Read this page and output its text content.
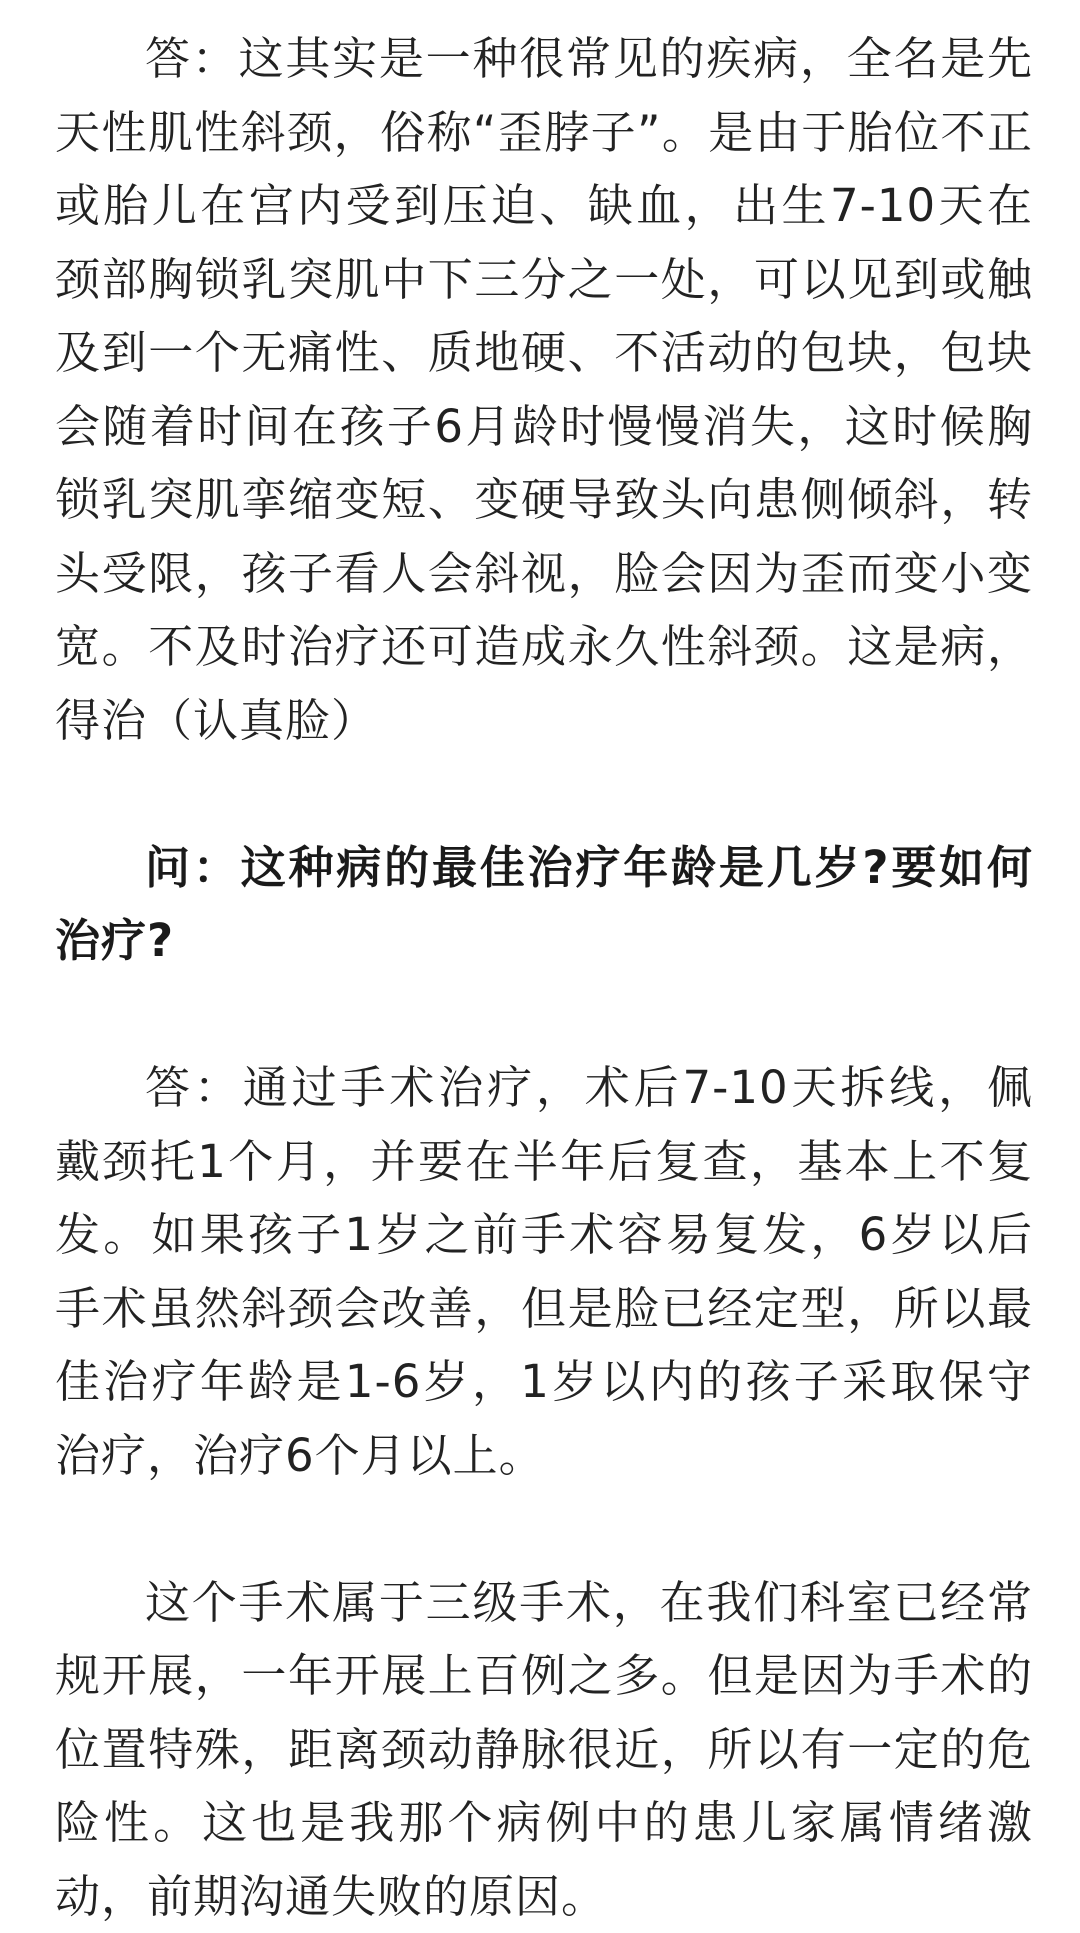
答：这其实是一种很常见的疾病，全名是先天性肌性斜颈，俗称“歪脖子”。是由于胎位不正或胎儿在宫内受到压迫、缺血，出生7-10天在颈部胸锁乳突肌中下三分之一处，可以见到或触及到一个无痛性、质地硬、不活动的包块，包块会随着时间在孩子6月龄时慢慢消失，这时候胸锁乳突肌挛缩变短、变硬导致头向患侧倾斜，转头受限，孩子看人会斜视，脸会因为歪而变小变宽。不及时治疗还可造成永久性斜颈。这是病，得治（认真脸）

问：这种病的最佳治疗年龄是几岁?要如何治疗?

答：通过手术治疗，术后7-10天拆线，佩戴颈托1个月，并要在半年后复查，基本上不复发。如果孩子1岁之前手术容易复发，6岁以后手术虽然斜颈会改善，但是脸已经定型，所以最佳治疗年龄是1-6岁，1岁以内的孩子采取保守治疗，治疗6个月以上。

这个手术属于三级手术，在我们科室已经常规开展，一年开展上百例之多。但是因为手术的位置特殊，距离颈动静脉很近，所以有一定的危险性。这也是我那个病例中的患儿家属情绪激动，前期沟通失败的原因。
